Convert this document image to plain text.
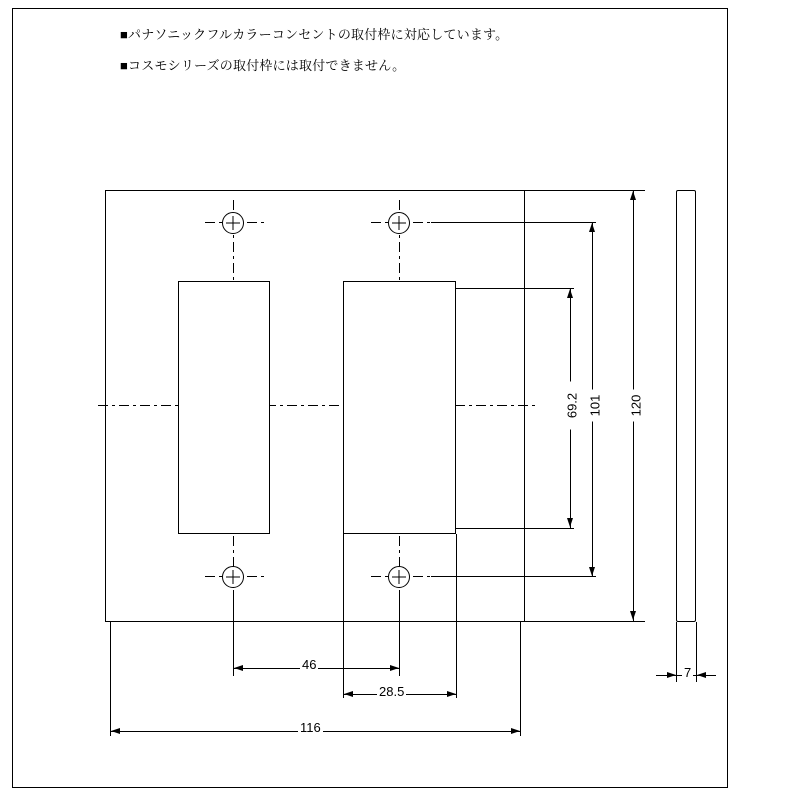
■パナソニックフルカラーコンセントの取付枠に対応しています。
■コスモシリーズの取付枠には取付できません。
120
101
69.2
46
28.5
116
7
